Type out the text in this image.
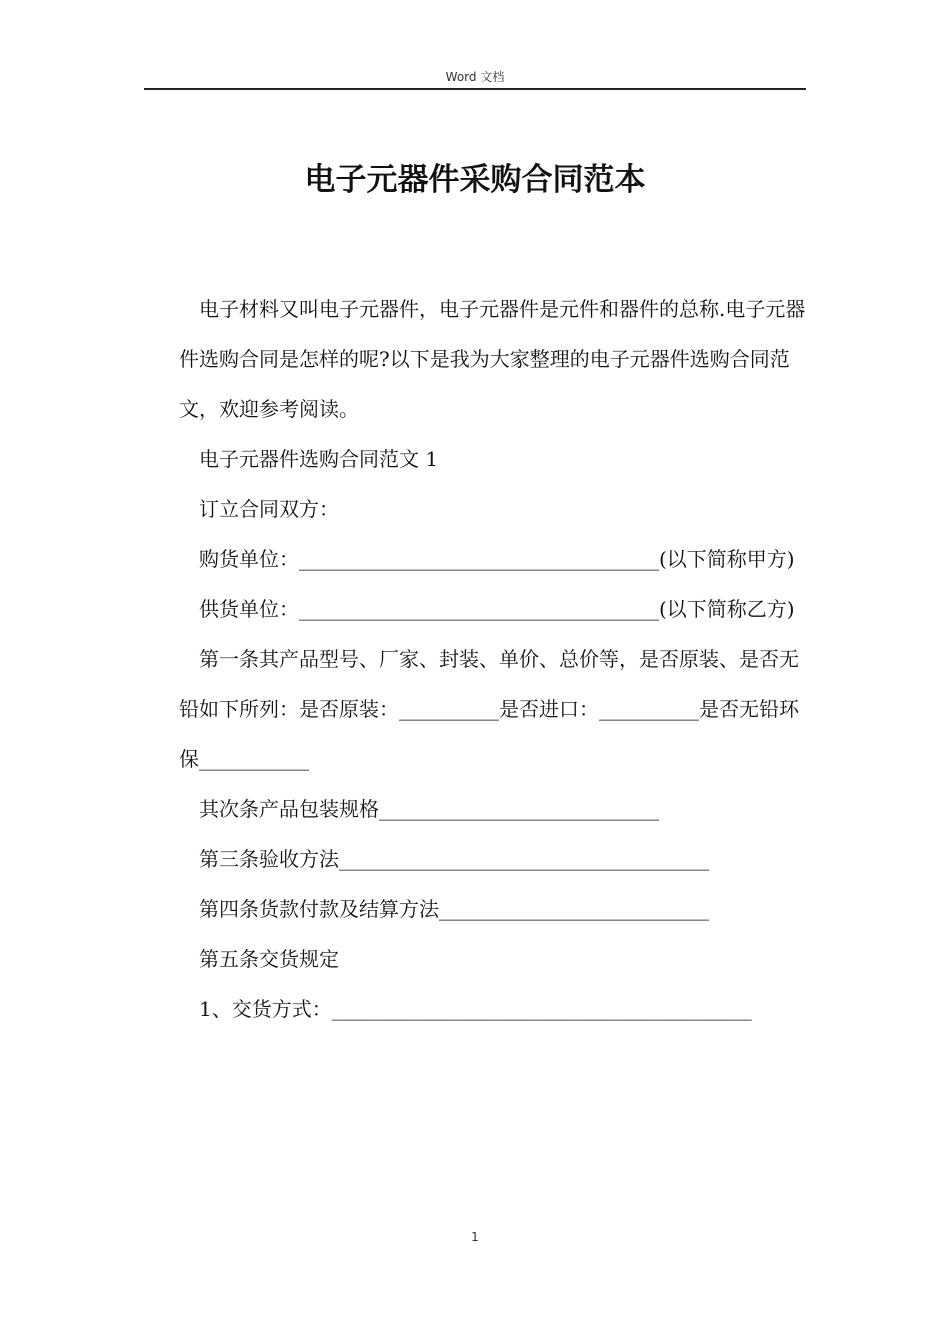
Word 文档
电子元器件采购合同范本

电子材料又叫电子元器件，电子元器件是元件和器件的总称.电子元器件选购合同是怎样的呢?以下是我为大家整理的电子元器件选购合同范文，欢迎参考阅读。

电子元器件选购合同范文 1

订立合同双方：

购货单位：____________________________________(以下简称甲方)

供货单位：____________________________________(以下简称乙方)

第一条其产品型号、厂家、封装、单价、总价等，是否原装、是否无铅如下所列：是否原装：__________是否进口：__________是否无铅环保___________

其次条产品包装规格____________________________

第三条验收方法_____________________________________

第四条货款付款及结算方法___________________________

第五条交货规定

1、交货方式：__________________________________________

1
